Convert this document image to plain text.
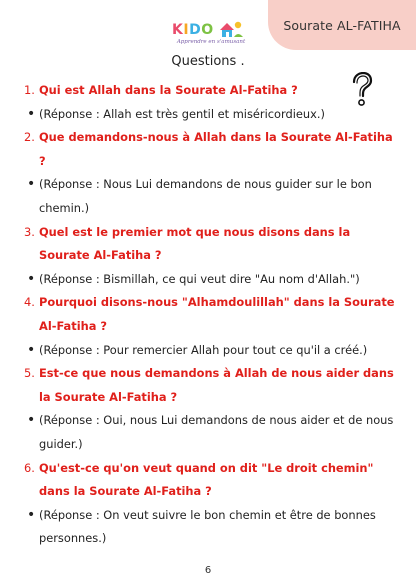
Sourate AL-FATIHA
KIDO
Apprendre en s'amusant
Questions .
1. Qui est Allah dans la Sourate Al-Fatiha ?
• (Réponse : Allah est très gentil et miséricordieux.)
2. Que demandons-nous à Allah dans la Sourate Al-Fatiha ?
• (Réponse : Nous Lui demandons de nous guider sur le bon chemin.)
3. Quel est le premier mot que nous disons dans la Sourate Al-Fatiha ?
• (Réponse : Bismillah, ce qui veut dire "Au nom d'Allah.")
4. Pourquoi disons-nous "Alhamdoulillah" dans la Sourate Al-Fatiha ?
• (Réponse : Pour remercier Allah pour tout ce qu'il a créé.)
5. Est-ce que nous demandons à Allah de nous aider dans la Sourate Al-Fatiha ?
• (Réponse : Oui, nous Lui demandons de nous aider et de nous guider.)
6. Qu'est-ce qu'on veut quand on dit "Le droit chemin" dans la Sourate Al-Fatiha ?
• (Réponse : On veut suivre le bon chemin et être de bonnes personnes.)
6
